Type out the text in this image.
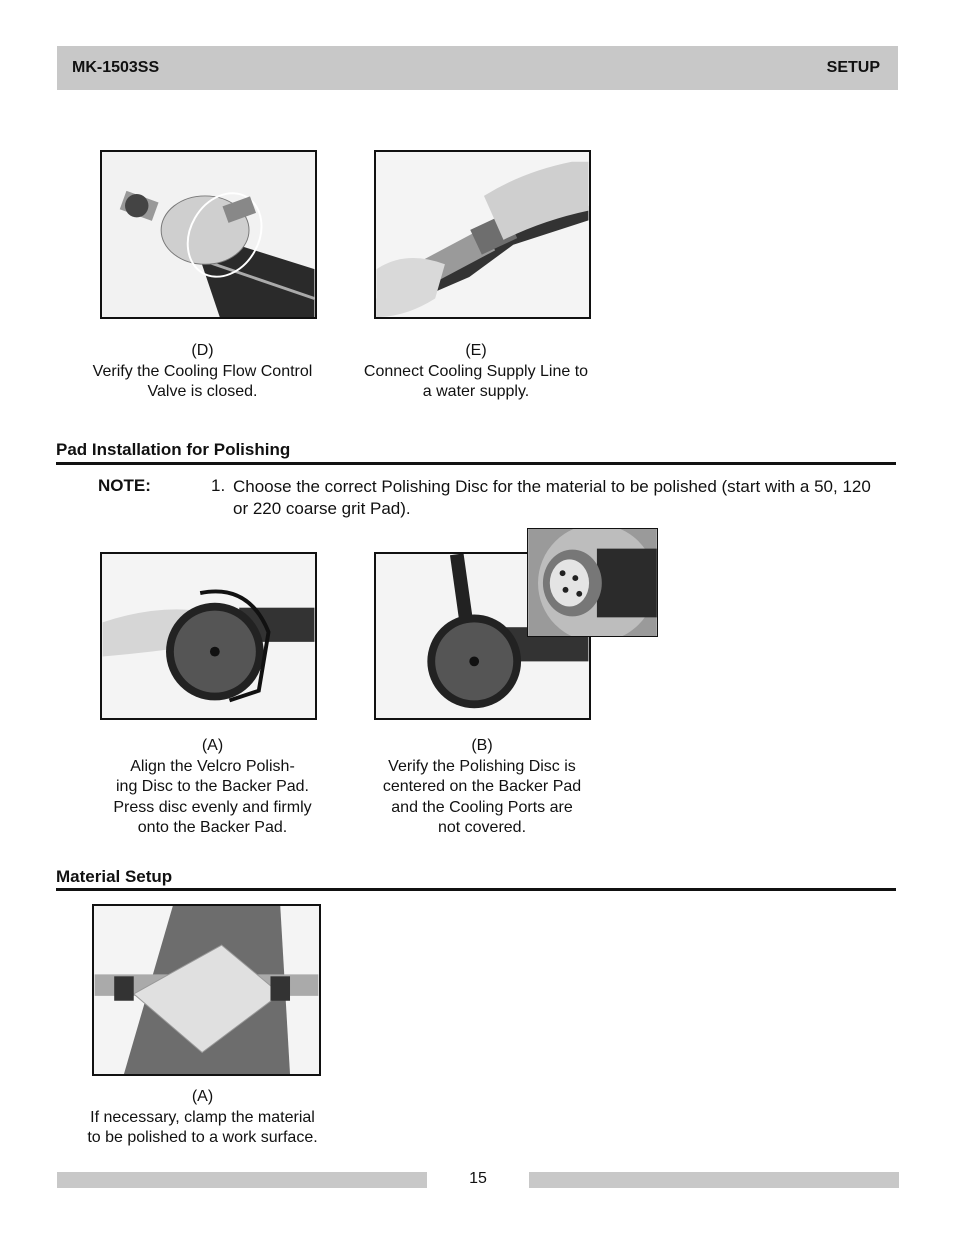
MK-1503SS	SETUP
(D)
Verify the Cooling Flow Control
Valve is closed.
(E)
Connect Cooling Supply Line to
a water supply.
Pad Installation for Polishing
NOTE:	1. Choose the correct Polishing Disc for the material to be polished (start with a 50, 120 or 220 coarse grit Pad).
(A)
Align the Velcro Polish-
ing Disc to the Backer Pad.
Press disc evenly and firmly
onto the Backer Pad.
(B)
Verify the Polishing Disc is
centered on the Backer Pad
and the Cooling Ports are
not covered.
Material Setup
(A)
If necessary, clamp the material
to be polished to a work surface.
15
